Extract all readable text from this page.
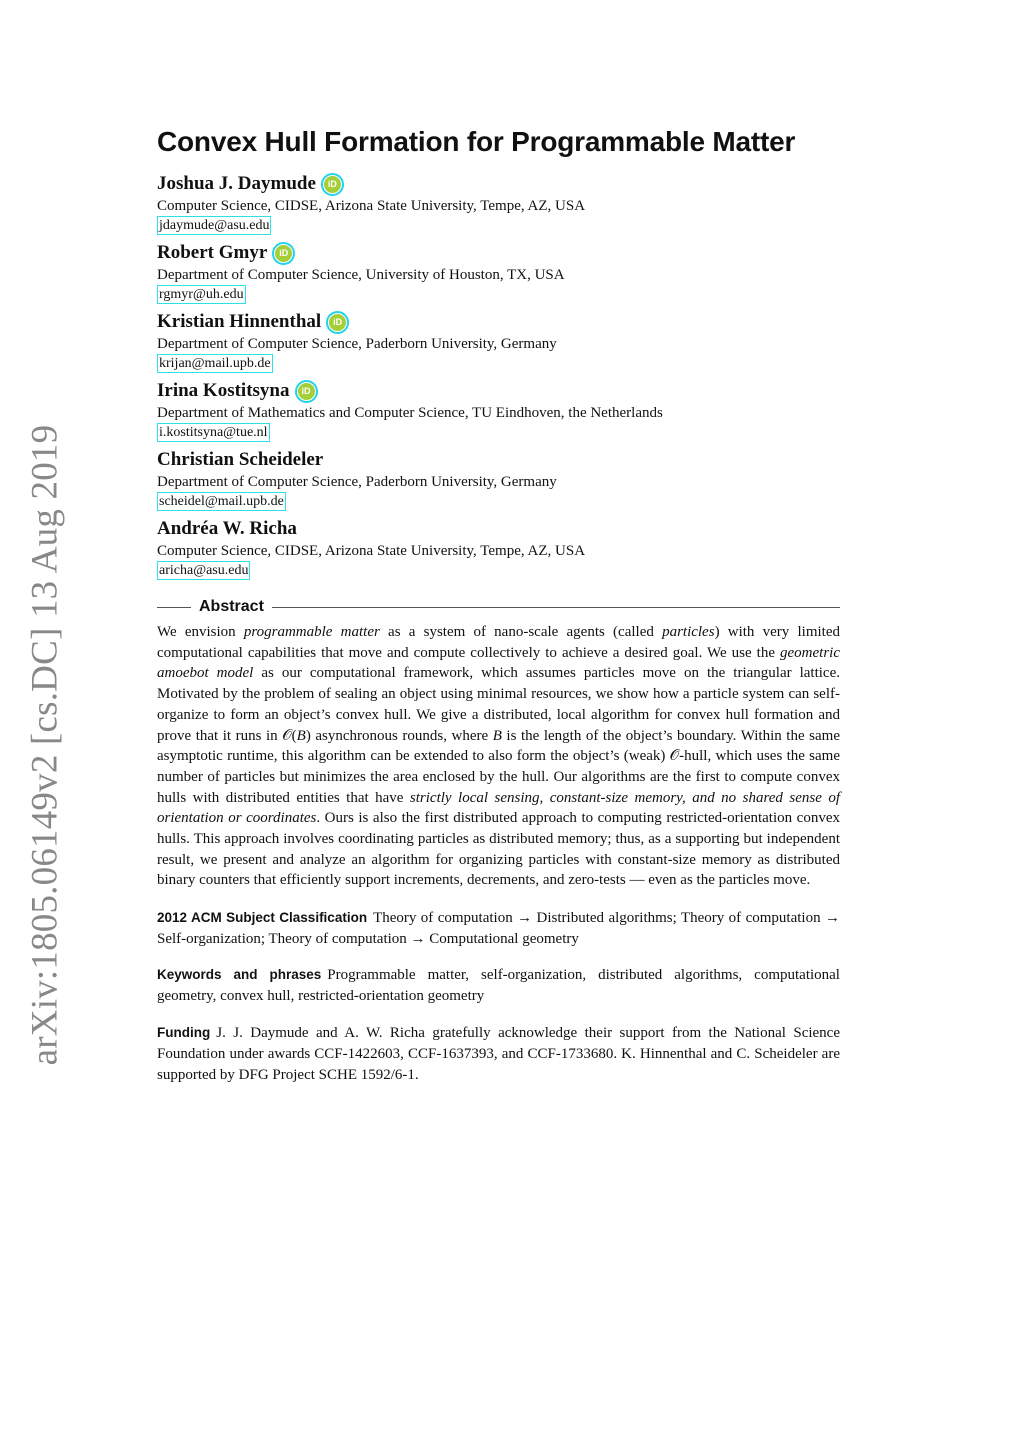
arXiv:1805.06149v2 [cs.DC] 13 Aug 2019
Convex Hull Formation for Programmable Matter
Joshua J. Daymude	iD
Computer Science, CIDSE, Arizona State University, Tempe, AZ, USA
jdaymude@asu.edu
Robert Gmyr	iD
Department of Computer Science, University of Houston, TX, USA
rgmyr@uh.edu
Kristian Hinnenthal	iD
Department of Computer Science, Paderborn University, Germany
krijan@mail.upb.de
Irina Kostitsyna	iD
Department of Mathematics and Computer Science, TU Eindhoven, the Netherlands
i.kostitsyna@tue.nl
Christian Scheideler
Department of Computer Science, Paderborn University, Germany
scheidel@mail.upb.de
Andréa W. Richa
Computer Science, CIDSE, Arizona State University, Tempe, AZ, USA
aricha@asu.edu
Abstract

We envision programmable matter as a system of nano-scale agents (called particles) with very limited computational capabilities that move and compute collectively to achieve a desired goal. We use the geometric amoebot model as our computational framework, which assumes particles move on the triangular lattice. Motivated by the problem of sealing an object using minimal resources, we show how a particle system can self-organize to form an object’s convex hull. We give a distributed, local algorithm for convex hull formation and prove that it runs in 𝒪(B) asynchronous rounds, where B is the length of the object’s boundary. Within the same asymptotic runtime, this algorithm can be extended to also form the object’s (weak) 𝒪-hull, which uses the same number of particles but minimizes the area enclosed by the hull. Our algorithms are the first to compute convex hulls with distributed entities that have strictly local sensing, constant-size memory, and no shared sense of orientation or coordinates. Ours is also the first distributed approach to computing restricted-orientation convex hulls. This approach involves coordinating particles as distributed memory; thus, as a supporting but independent result, we present and analyze an algorithm for organizing particles with constant-size memory as distributed binary counters that efficiently support increments, decrements, and zero-tests — even as the particles move.

2012 ACM Subject Classification Theory of computation → Distributed algorithms; Theory of computation → Self-organization; Theory of computation → Computational geometry

Keywords and phrases Programmable matter, self-organization, distributed algorithms, computational geometry, convex hull, restricted-orientation geometry

Funding J. J. Daymude and A. W. Richa gratefully acknowledge their support from the National Science Foundation under awards CCF-1422603, CCF-1637393, and CCF-1733680. K. Hinnenthal and C. Scheideler are supported by DFG Project SCHE 1592/6-1.
